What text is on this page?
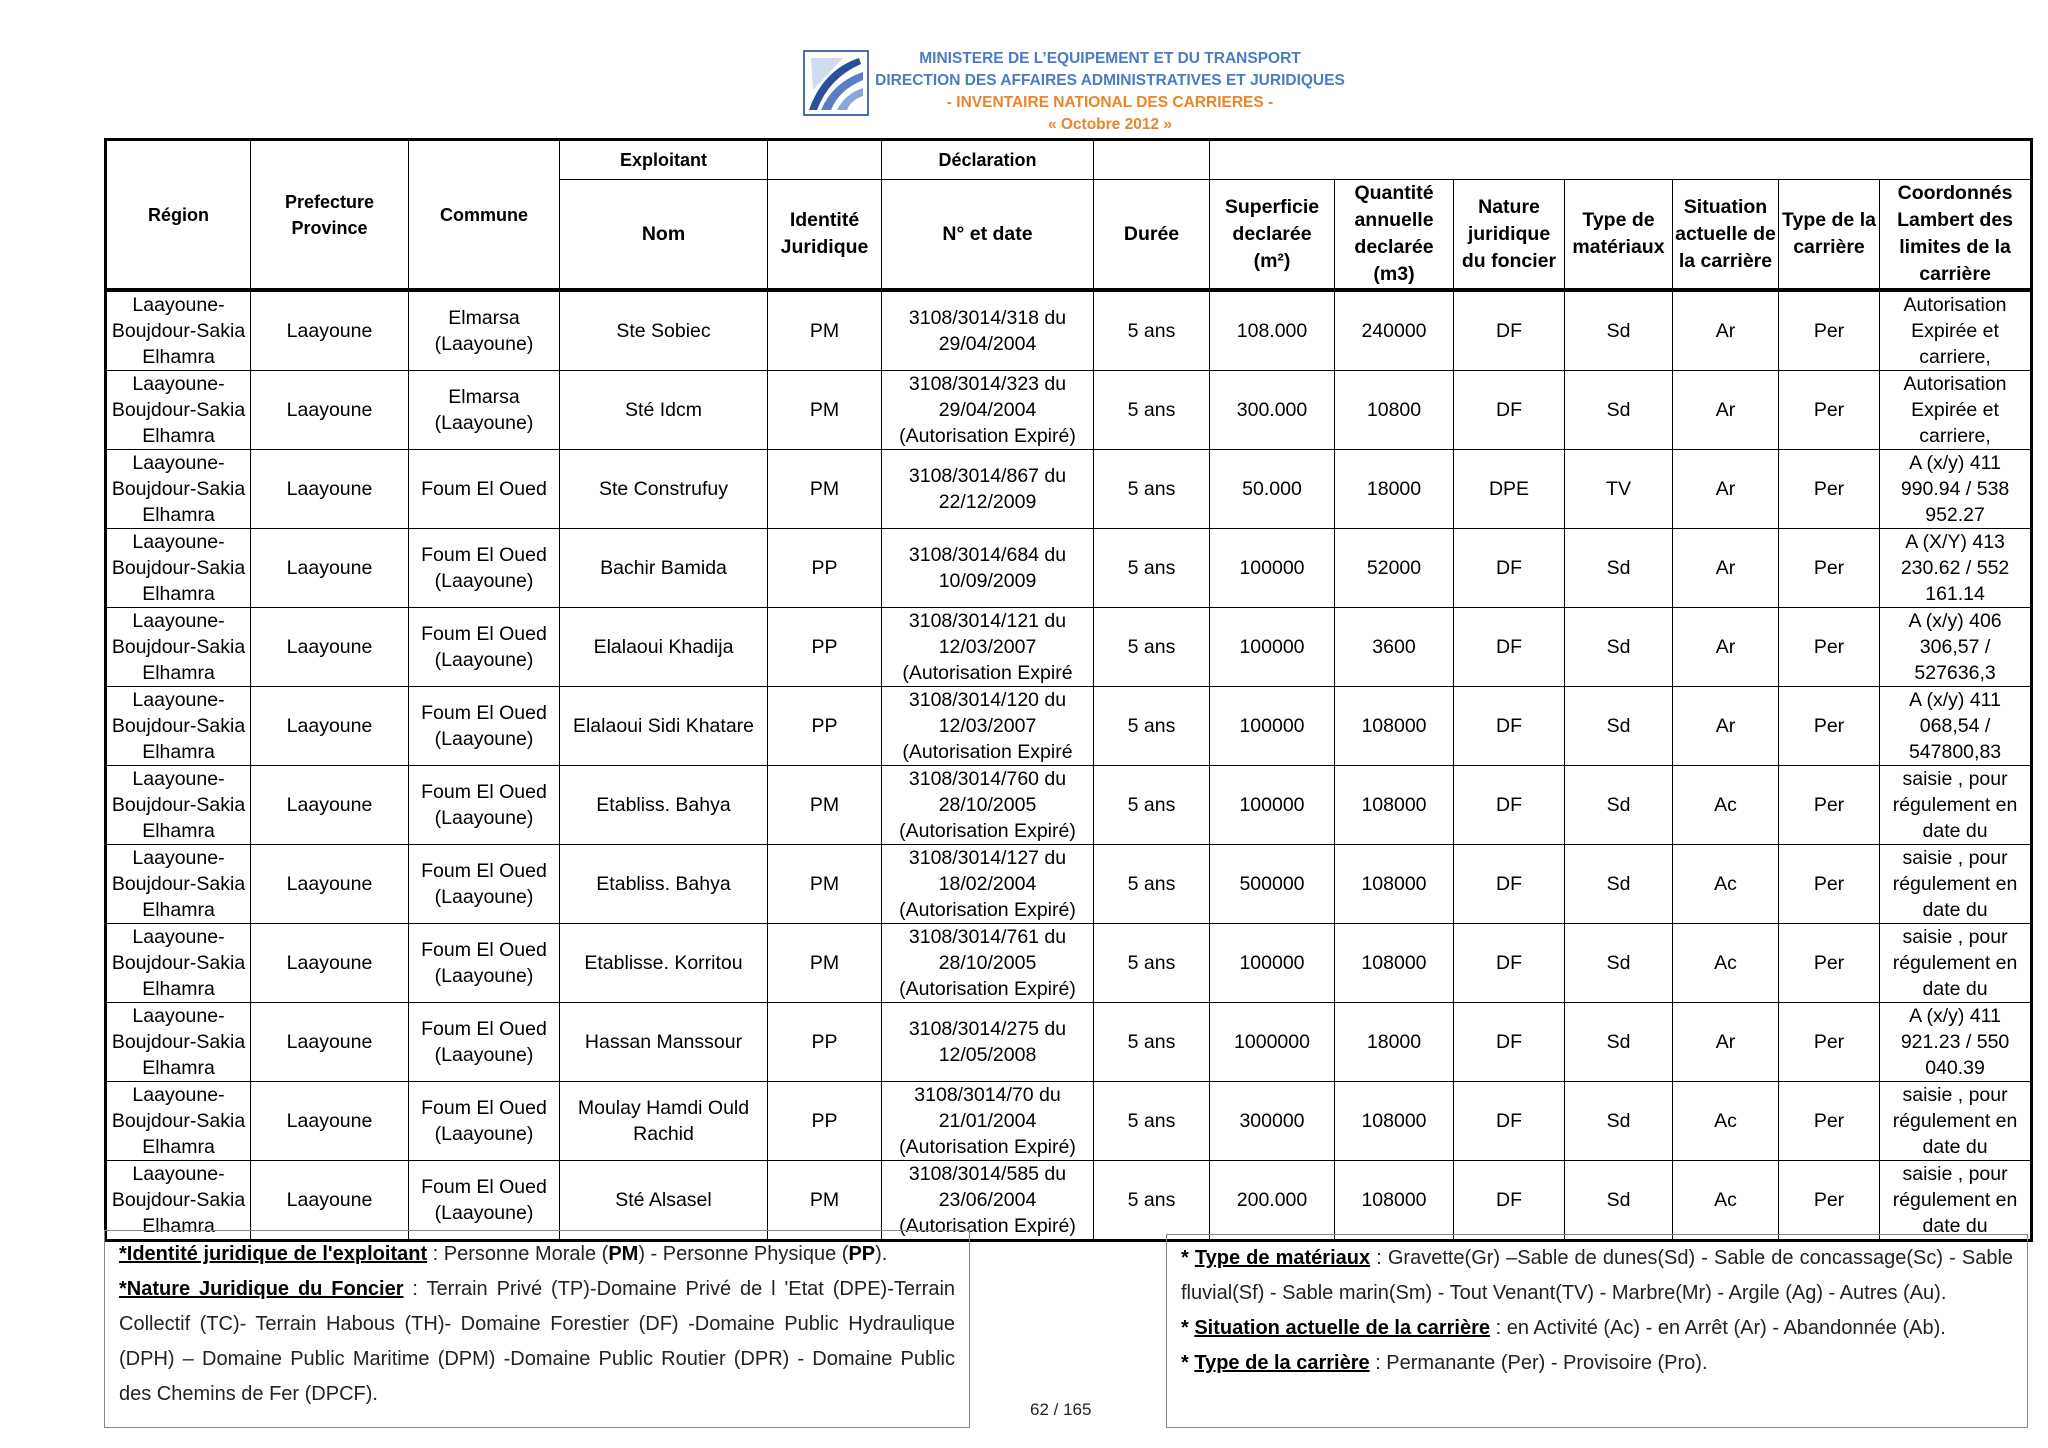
MINISTERE DE L’EQUIPEMENT ET DU TRANSPORT
DIRECTION DES AFFAIRES ADMINISTRATIVES ET JURIDIQUES
- INVENTAIRE NATIONAL DES CARRIERES -
« Octobre 2012 »
Région	Prefecture Province	Commune	Exploitant		Déclaration								
			Nom	Identité Juridique	N° et date	Durée	Superficie declarée (m²)	Quantité annuelle declarée (m3)	Nature juridique du foncier	Type de matériaux	Situation actuelle de la carrière	Type de la carrière	Coordonnés Lambert des limites de la carrière
Laayoune-Boujdour-Sakia Elhamra	Laayoune	Elmarsa (Laayoune)	Ste Sobiec	PM	3108/3014/318 du 29/04/2004	5 ans	108.000	240000	DF	Sd	Ar	Per	Autorisation Expirée et carriere,
Laayoune-Boujdour-Sakia Elhamra	Laayoune	Elmarsa (Laayoune)	Sté Idcm	PM	3108/3014/323 du 29/04/2004 (Autorisation Expiré)	5 ans	300.000	10800	DF	Sd	Ar	Per	Autorisation Expirée et carriere,
Laayoune-Boujdour-Sakia Elhamra	Laayoune	Foum El Oued	Ste Construfuy	PM	3108/3014/867 du 22/12/2009	5 ans	50.000	18000	DPE	TV	Ar	Per	A (x/y) 411 990.94 / 538 952.27
Laayoune-Boujdour-Sakia Elhamra	Laayoune	Foum El Oued (Laayoune)	Bachir Bamida	PP	3108/3014/684 du 10/09/2009	5 ans	100000	52000	DF	Sd	Ar	Per	A (X/Y) 413 230.62 / 552 161.14
Laayoune-Boujdour-Sakia Elhamra	Laayoune	Foum El Oued (Laayoune)	Elalaoui Khadija	PP	3108/3014/121 du 12/03/2007 (Autorisation Expiré	5 ans	100000	3600	DF	Sd	Ar	Per	A (x/y) 406 306,57 / 527636,3
Laayoune-Boujdour-Sakia Elhamra	Laayoune	Foum El Oued (Laayoune)	Elalaoui Sidi Khatare	PP	3108/3014/120 du 12/03/2007 (Autorisation Expiré	5 ans	100000	108000	DF	Sd	Ar	Per	A (x/y) 411 068,54 / 547800,83
Laayoune-Boujdour-Sakia Elhamra	Laayoune	Foum El Oued (Laayoune)	Etabliss. Bahya	PM	3108/3014/760 du 28/10/2005 (Autorisation Expiré)	5 ans	100000	108000	DF	Sd	Ac	Per	saisie , pour régulement en date du
Laayoune-Boujdour-Sakia Elhamra	Laayoune	Foum El Oued (Laayoune)	Etabliss. Bahya	PM	3108/3014/127 du 18/02/2004 (Autorisation Expiré)	5 ans	500000	108000	DF	Sd	Ac	Per	saisie , pour régulement en date du
Laayoune-Boujdour-Sakia Elhamra	Laayoune	Foum El Oued (Laayoune)	Etablisse. Korritou	PM	3108/3014/761 du 28/10/2005 (Autorisation Expiré)	5 ans	100000	108000	DF	Sd	Ac	Per	saisie , pour régulement en date du
Laayoune-Boujdour-Sakia Elhamra	Laayoune	Foum El Oued (Laayoune)	Hassan Manssour	PP	3108/3014/275 du 12/05/2008	5 ans	1000000	18000	DF	Sd	Ar	Per	A (x/y) 411 921.23 / 550 040.39
Laayoune-Boujdour-Sakia Elhamra	Laayoune	Foum El Oued (Laayoune)	Moulay Hamdi Ould Rachid	PP	3108/3014/70 du 21/01/2004 (Autorisation Expiré)	5 ans	300000	108000	DF	Sd	Ac	Per	saisie , pour régulement en date du
Laayoune-Boujdour-Sakia Elhamra	Laayoune	Foum El Oued (Laayoune)	Sté Alsasel	PM	3108/3014/585 du 23/06/2004 (Autorisation Expiré)	5 ans	200.000	108000	DF	Sd	Ac	Per	saisie , pour régulement en date du
*Identité juridique de l'exploitant : Personne Morale (PM) - Personne Physique (PP).
*Nature Juridique du Foncier : Terrain Privé (TP)-Domaine Privé de l 'Etat (DPE)-Terrain Collectif (TC)- Terrain Habous (TH)- Domaine Forestier (DF) -Domaine Public Hydraulique (DPH) – Domaine Public Maritime (DPM) -Domaine Public Routier (DPR) - Domaine Public des Chemins de Fer (DPCF).
* Type de matériaux : Gravette(Gr) –Sable de dunes(Sd) - Sable de concassage(Sc) - Sable fluvial(Sf) - Sable marin(Sm) - Tout Venant(TV) - Marbre(Mr) - Argile (Ag) - Autres (Au).
* Situation actuelle de la carrière : en Activité (Ac) - en Arrêt (Ar) - Abandonnée (Ab).
* Type de la carrière : Permanante (Per) - Provisoire (Pro).
62 / 165
